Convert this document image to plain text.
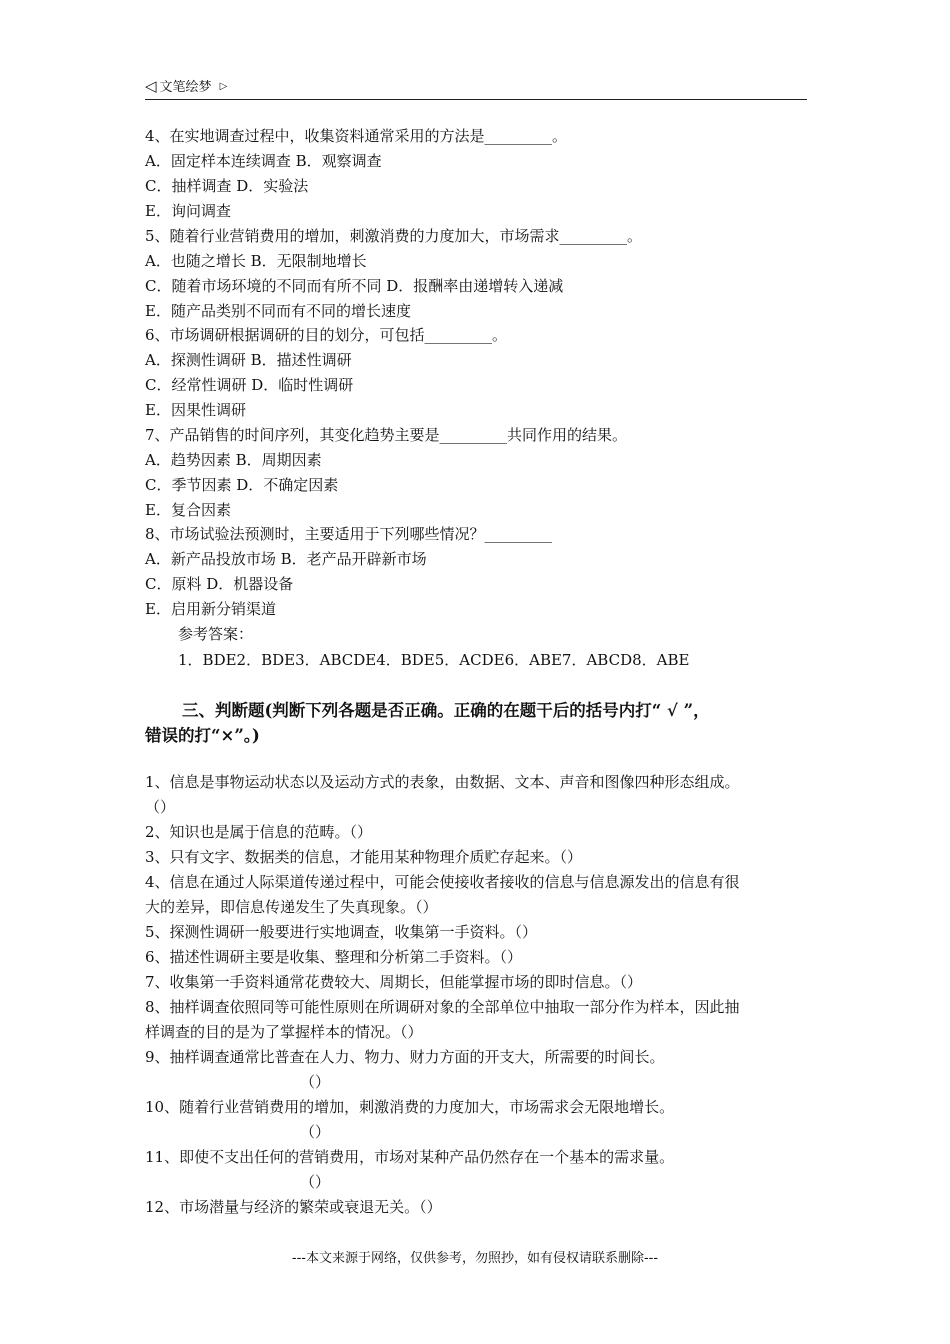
◁ 文笔绘梦 ▷
4、在实地调查过程中，收集资料通常采用的方法是_________。
A．固定样本连续调查 B．观察调查
C．抽样调查 D．实验法
E．询问调查
5、随着行业营销费用的增加，刺激消费的力度加大，市场需求_________。
A．也随之增长 B．无限制地增长
C．随着市场环境的不同而有所不同 D．报酬率由递增转入递减
E．随产品类别不同而有不同的增长速度
6、市场调研根据调研的目的划分，可包括_________。
A．探测性调研 B．描述性调研
C．经常性调研 D．临时性调研
E．因果性调研
7、产品销售的时间序列，其变化趋势主要是_________共同作用的结果。
A．趋势因素 B．周期因素
C．季节因素 D．不确定因素
E．复合因素
8、市场试验法预测时，主要适用于下列哪些情况？_________
A．新产品投放市场 B．老产品开辟新市场
C．原料 D．机器设备
E．启用新分销渠道
参考答案：
1．BDE2．BDE3．ABCDE4．BDE5．ACDE6．ABE7．ABCD8．ABE
三、判断题(判断下列各题是否正确。正确的在题干后的括号内打“ √ ”，
错误的打“×”。)
1、信息是事物运动状态以及运动方式的表象，由数据、文本、声音和图像四种形态组成。
（）
2、知识也是属于信息的范畴。（）
3、只有文字、数据类的信息，才能用某种物理介质贮存起来。（）
4、信息在通过人际渠道传递过程中，可能会使接收者接收的信息与信息源发出的信息有很
大的差异，即信息传递发生了失真现象。（）
5、探测性调研一般要进行实地调查，收集第一手资料。（）
6、描述性调研主要是收集、整理和分析第二手资料。（）
7、收集第一手资料通常花费较大、周期长，但能掌握市场的即时信息。（）
8、抽样调查依照同等可能性原则在所调研对象的全部单位中抽取一部分作为样本，因此抽
样调查的目的是为了掌握样本的情况。（）
9、抽样调查通常比普查在人力、物力、财力方面的开支大，所需要的时间长。
（）
10、随着行业营销费用的增加，刺激消费的力度加大，市场需求会无限地增长。
（）
11、即使不支出任何的营销费用，市场对某种产品仍然存在一个基本的需求量。
（）
12、市场潜量与经济的繁荣或衰退无关。（）
---本文来源于网络，仅供参考，勿照抄，如有侵权请联系删除---
